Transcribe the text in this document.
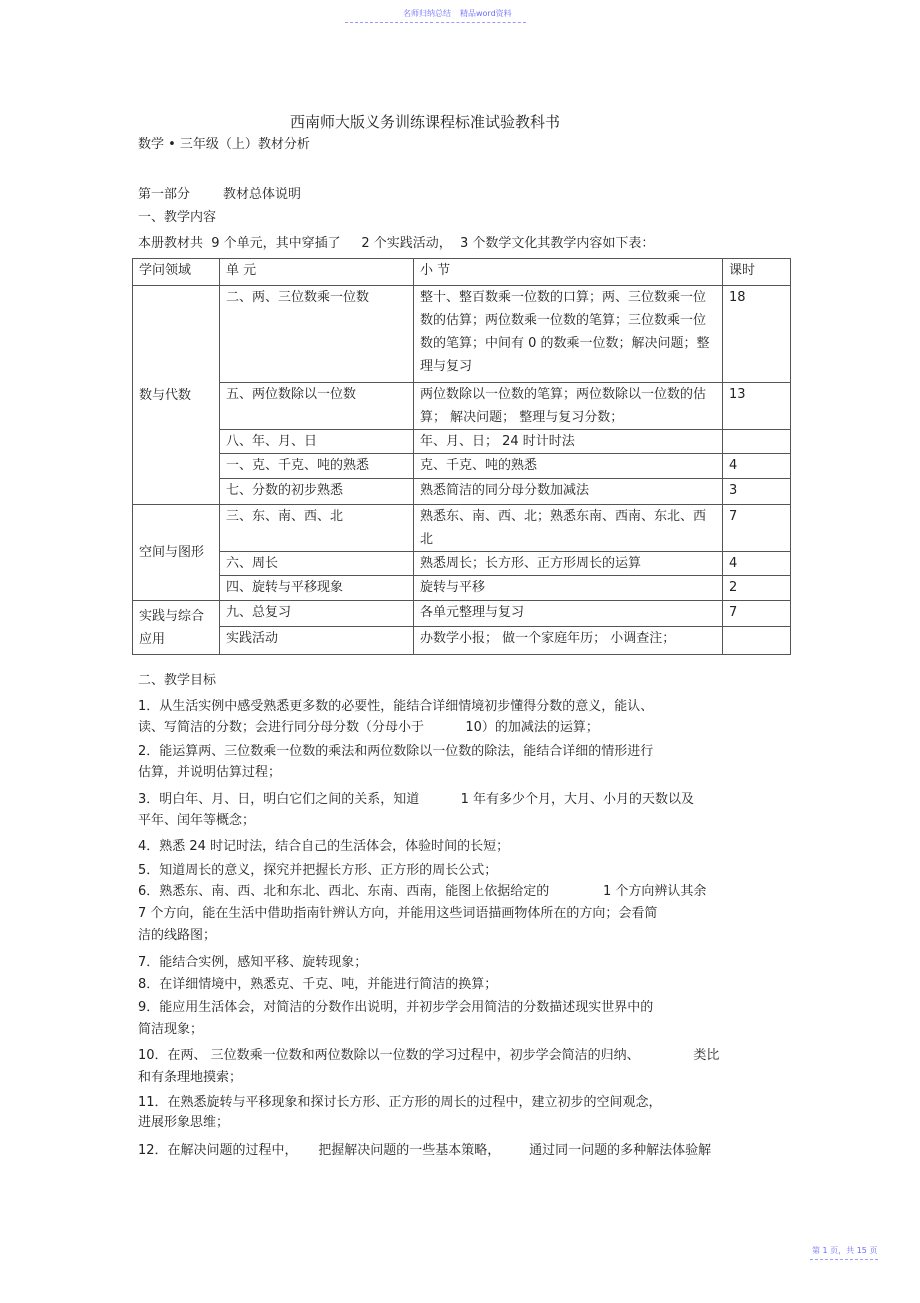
名师归纳总结 精品word资料
西南师大版义务训练课程标准试验教科书
数学 • 三年级（上）教材分析
第一部分        教材总体说明
一、教学内容
本册教材共  9 个单元，其中穿插了     2 个实践活动，  3 个数学文化其教学内容如下表：
学问领域	单 元	小 节	课时
数与代数	二、两、三位数乘一位数	整十、整百数乘一位数的口算；两、三位数乘一位数的估算；两位数乘一位数的笔算；三位数乘一位数的笔算；中间有 0 的数乘一位数；解决问题；整理与复习	18
	五、两位数除以一位数	两位数除以一位数的笔算；两位数除以一位数的估算； 解决问题； 整理与复习分数；	13
	八、年、月、日	年、月、日； 24 时计时法	
	一、克、千克、吨的熟悉	克、千克、吨的熟悉	4
	七、分数的初步熟悉	熟悉简洁的同分母分数加减法	3
空间与图形	三、东、南、西、北	熟悉东、南、西、北；熟悉东南、西南、东北、西北	7
	六、周长	熟悉周长；长方形、正方形周长的运算	4
	四、旋转与平移现象	旋转与平移	2
实践与综合应用	九、总复习	各单元整理与复习	7
	实践活动	办数学小报； 做一个家庭年历； 小调查注；	
二、教学目标
1．从生活实例中感受熟悉更多数的必要性，能结合详细情境初步懂得分数的意义，能认、
读、写简洁的分数；会进行同分母分数（分母小于          10）的加减法的运算；
2．能运算两、三位数乘一位数的乘法和两位数除以一位数的除法，能结合详细的情形进行
估算，并说明估算过程；
3．明白年、月、日，明白它们之间的关系，知道          1 年有多少个月，大月、小月的天数以及
平年、闰年等概念；
4．熟悉 24 时记时法，结合自己的生活体会，体验时间的长短；
5．知道周长的意义，探究并把握长方形、正方形的周长公式；
6．熟悉东、南、西、北和东北、西北、东南、西南，能图上依据给定的             1 个方向辨认其余
7 个方向，能在生活中借助指南针辨认方向，并能用这些词语描画物体所在的方向；会看简
洁的线路图；
7．能结合实例，感知平移、旋转现象；
8．在详细情境中，熟悉克、千克、吨，并能进行简洁的换算；
9．能应用生活体会，对简洁的分数作出说明，并初步学会用简洁的分数描述现实世界中的
简洁现象；
10．在两、 三位数乘一位数和两位数除以一位数的学习过程中，初步学会简洁的归纳、             类比
和有条理地摸索；
11．在熟悉旋转与平移现象和探讨长方形、正方形的周长的过程中，建立初步的空间观念，
进展形象思维；
12．在解决问题的过程中，     把握解决问题的一些基本策略，       通过同一问题的多种解法体验解
第 1 页，共 15 页
